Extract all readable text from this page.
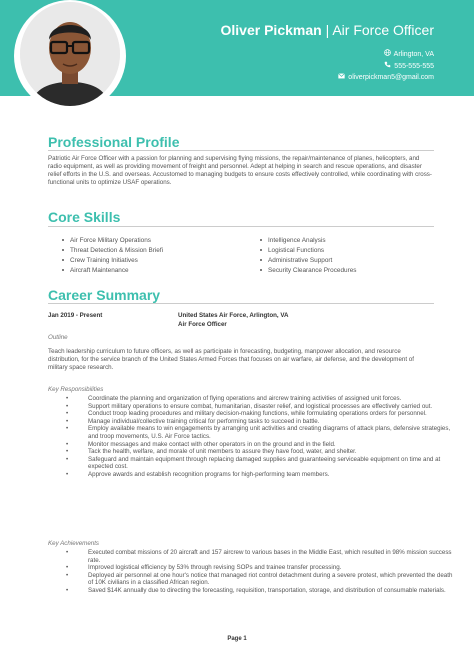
Oliver Pickman | Air Force Officer
Arlington, VA
555-555-555
oliverpickman5@gmail.com
Professional Profile
Patriotic Air Force Officer with a passion for planning and supervising flying missions, the repair/maintenance of planes, helicopters, and radio equipment, as well as providing movement of freight and personnel. Adept at helping in search and rescue operations, and disaster relief efforts in the U.S. and overseas. Accustomed to managing budgets to ensure costs effectively controlled, while coordinating with cross-functional units to optimize USAF operations.
Core Skills
Air Force Military Operations
Threat Detection & Mission Briefi
Crew Training Initiatives
Aircraft Maintenance
Intelligence Analysis
Logistical Functions
Administrative Support
Security Clearance Procedures
Career Summary
Jan 2019 - Present	United States Air Force, Arlington, VA
Air Force Officer
Outline
Teach leadership curriculum to future officers, as well as participate in forecasting, budgeting, manpower allocation, and resource distribution, for the service branch of the United States Armed Forces that focuses on air warfare, air defense, and the development of military space research.
Key Responsibilities
• Coordinate the planning and organization of flying operations and aircrew training activities of assigned unit forces.
• Support military operations to ensure combat, humanitarian, disaster relief, and logistical processes are effectively carried out.
• Conduct troop leading procedures and military decision-making functions, while formulating operations orders for personnel.
• Manage individual/collective training critical for performing tasks to succeed in battle.
• Employ available means to win engagements by arranging unit activities and creating diagrams of attack plans, defensive strategies, and troop movements, U.S. Air Force tactics.
• Monitor messages and make contact with other operators in on the ground and in the field.
• Tack the health, welfare, and morale of unit members to assure they have food, water, and shelter.
• Safeguard and maintain equipment through replacing damaged supplies and guaranteeing serviceable equipment on time and at expected cost.
• Approve awards and establish recognition programs for high-performing team members.
Key Achievements
• Executed combat missions of 20 aircraft and 157 aircrew to various bases in the Middle East, which resulted in 98% mission success rate.
• Improved logistical efficiency by 53% through revising SOPs and trainee transfer processing.
• Deployed air personnel at one hour's notice that managed riot control detachment during a severe protest, which prevented the death of 10K civilians in a classified African region.
• Saved $14K annually due to directing the forecasting, requisition, transportation, storage, and distribution of consumable materials.
Page 1
